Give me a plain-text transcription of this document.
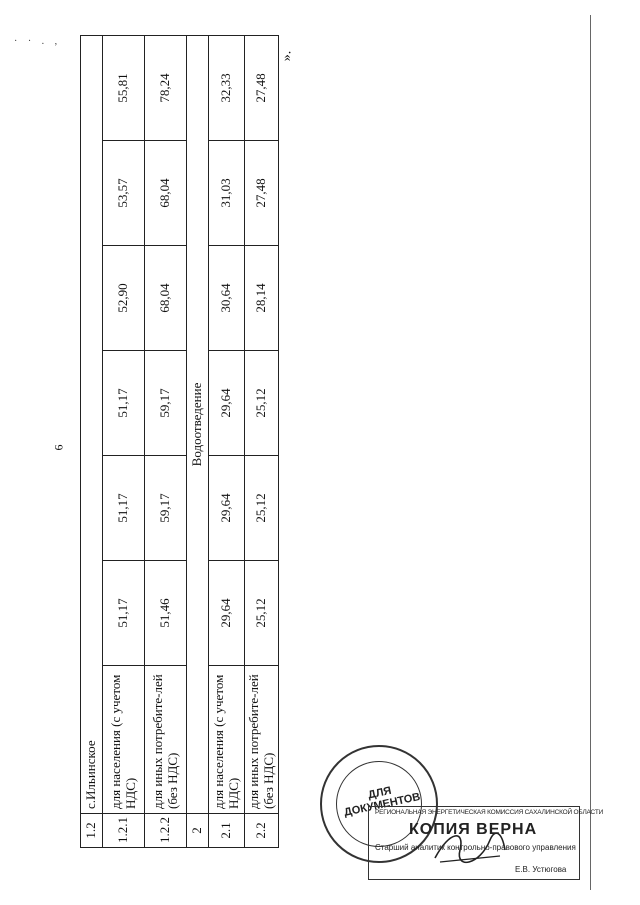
· · . ,
6
».
1.2	с.Ильинское						
1.2.1	для населения (с учетом НДС)	51,17	51,17	51,17	52,90	53,57	55,81
1.2.2	для иных потребите-лей (без НДС)	51,46	59,17	59,17	68,04	68,04	78,24
2	Водоотведение						
2.1	для населения (с учетом НДС)	29,64	29,64	29,64	30,64	31,03	32,33
2.2	для иных потребите-лей (без НДС)	25,12	25,12	25,12	28,14	27,48	27,48
ДЛЯ ДОКУМЕНТОВ
РЕГИОНАЛЬНАЯ ЭНЕРГЕТИЧЕСКАЯ КОМИССИЯ САХАЛИНСКОЙ ОБЛАСТИ
КОПИЯ ВЕРНА
Старший аналитик контрольно-правового управления
Е.В. Устюгова
